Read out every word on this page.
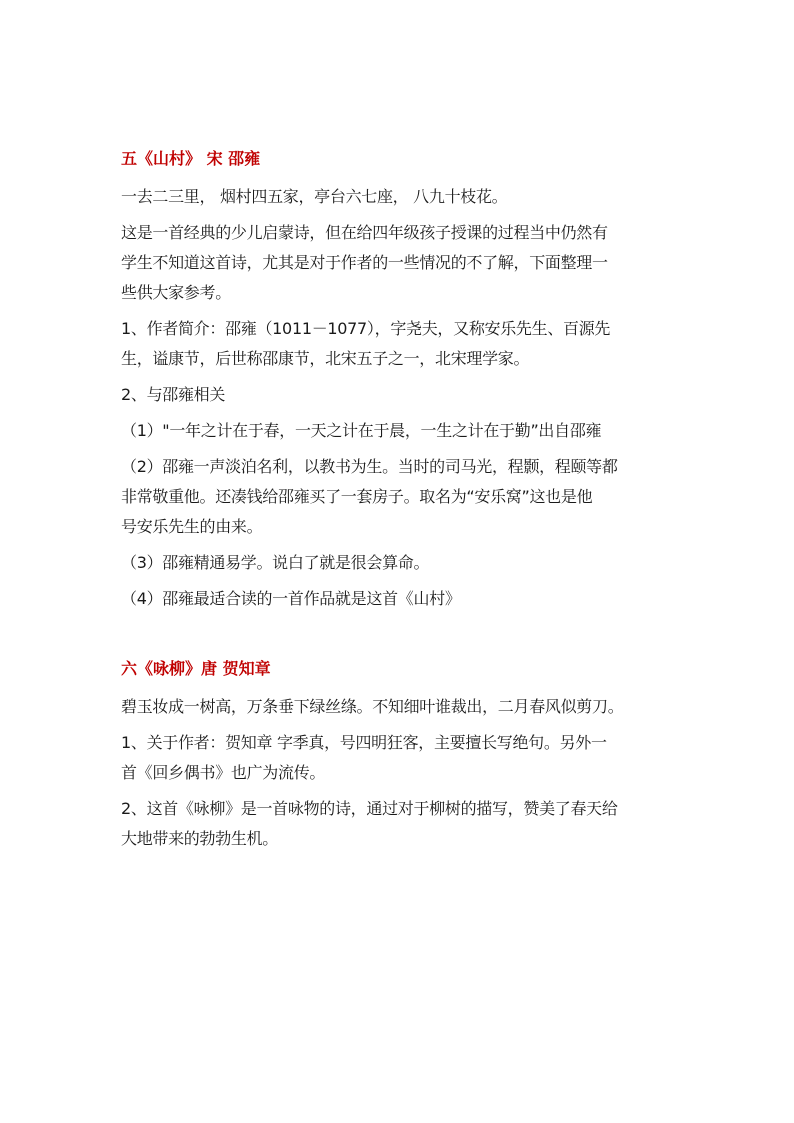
五《山村》 宋 邵雍

一去二三里， 烟村四五家，亭台六七座， 八九十枝花。

这是一首经典的少儿启蒙诗，但在给四年级孩子授课的过程当中仍然有

学生不知道这首诗，尤其是对于作者的一些情况的不了解，下面整理一

些供大家参考。

1、作者简介：邵雍（1011－1077），字尧夫，又称安乐先生、百源先

生，谥康节，后世称邵康节，北宋五子之一，北宋理学家。

2、与邵雍相关

（1）"一年之计在于春，一天之计在于晨，一生之计在于勤”出自邵雍

（2）邵雍一声淡泊名利，以教书为生。当时的司马光，程颢，程颐等都

非常敬重他。还凑钱给邵雍买了一套房子。取名为“安乐窝”这也是他

号安乐先生的由来。

（3）邵雍精通易学。说白了就是很会算命。

（4）邵雍最适合读的一首作品就是这首《山村》

六《咏柳》唐 贺知章

碧玉妆成一树高，万条垂下绿丝绦。不知细叶谁裁出，二月春风似剪刀。

1、关于作者：贺知章 字季真，号四明狂客，主要擅长写绝句。另外一

首《回乡偶书》也广为流传。

2、这首《咏柳》是一首咏物的诗，通过对于柳树的描写，赞美了春天给

大地带来的勃勃生机。
